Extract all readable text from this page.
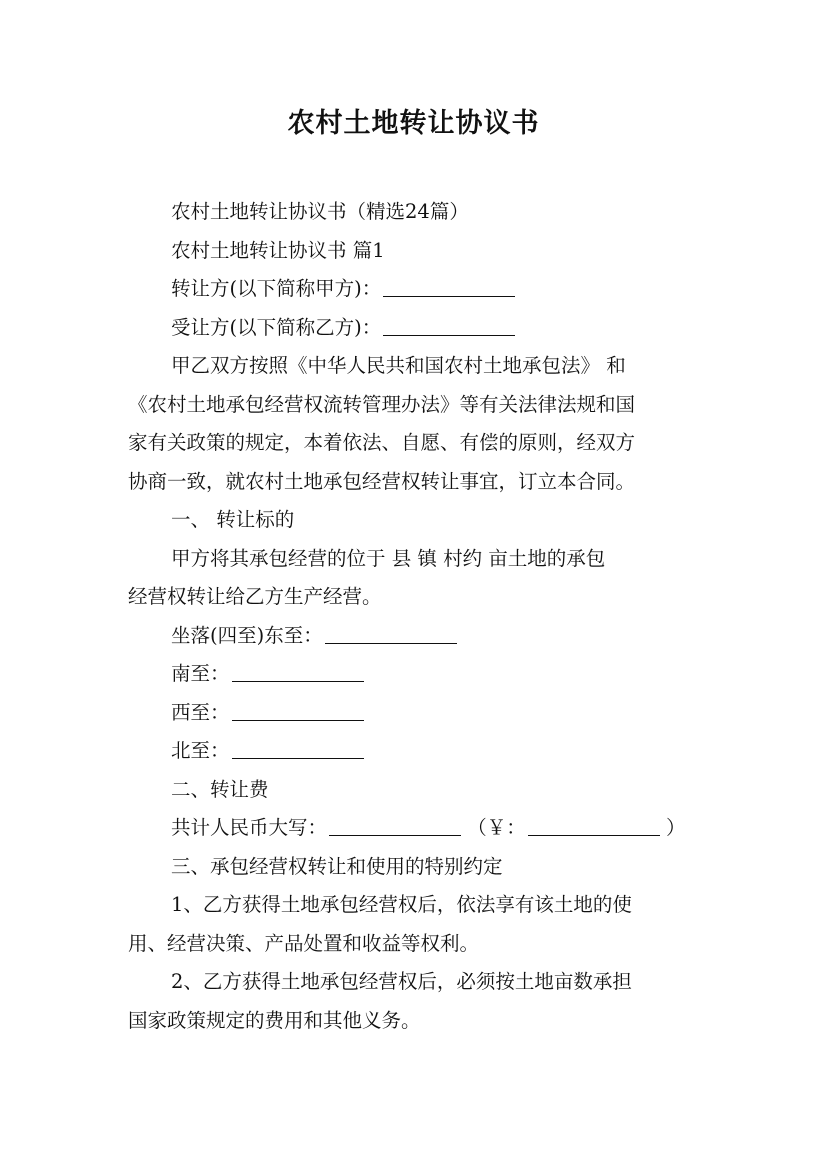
农村土地转让协议书
农村土地转让协议书（精选24篇）
农村土地转让协议书 篇1
转让方(以下简称甲方)：
受让方(以下简称乙方)：
甲乙双方按照《中华人民共和国农村土地承包法》 和
《农村土地承包经营权流转管理办法》等有关法律法规和国
家有关政策的规定，本着依法、自愿、有偿的原则，经双方
协商一致，就农村土地承包经营权转让事宜，订立本合同。
一、 转让标的
甲方将其承包经营的位于 县 镇 村约 亩土地的承包
经营权转让给乙方生产经营。
坐落(四至)东至：
南至：
西至：
北至：
二、转让费
共计人民币大写：	（￥：	）
三、承包经营权转让和使用的特别约定
1、乙方获得土地承包经营权后，依法享有该土地的使
用、经营决策、产品处置和收益等权利。
2、乙方获得土地承包经营权后，必须按土地亩数承担
国家政策规定的费用和其他义务。
